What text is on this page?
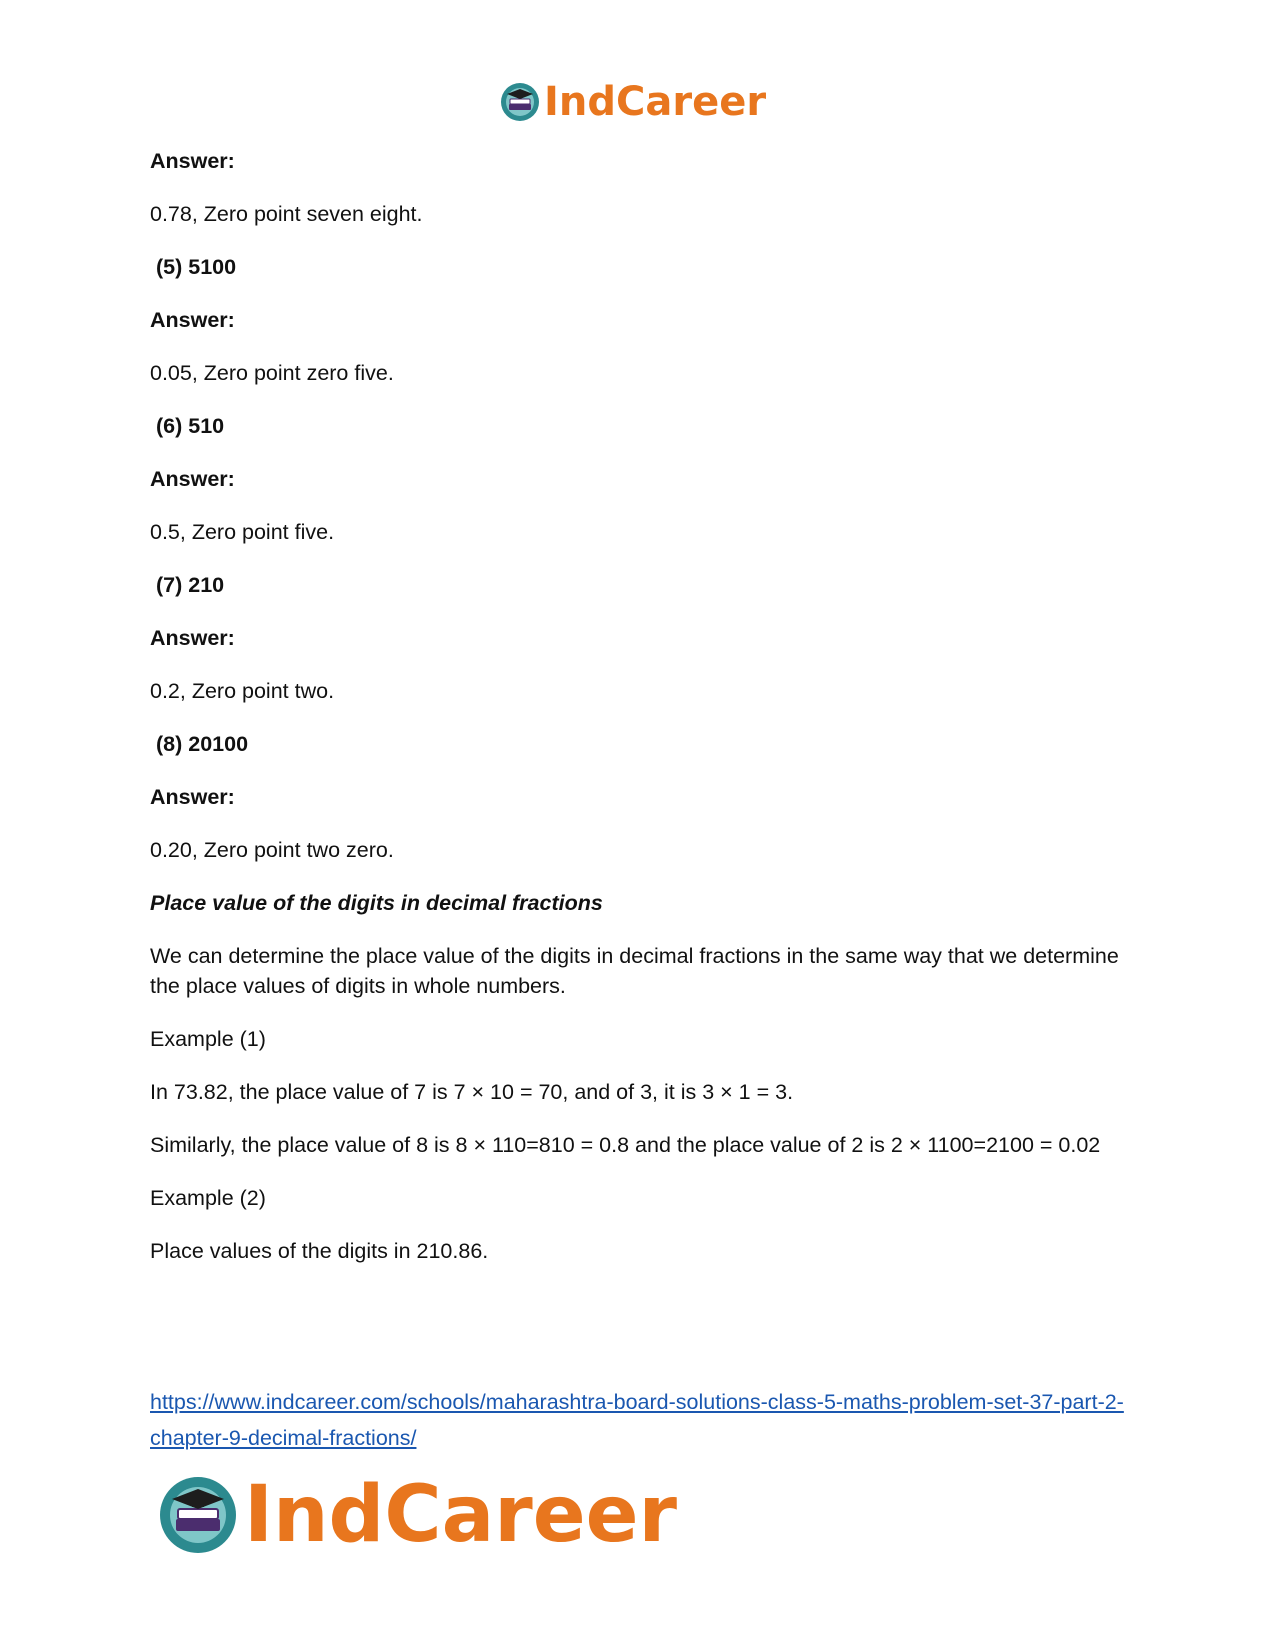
IndCareer

Answer:

0.78, Zero point seven eight.

(5) 5100

Answer:

0.05, Zero point zero five.

(6) 510

Answer:

0.5, Zero point five.

(7) 210

Answer:

0.2, Zero point two.

(8) 20100

Answer:

0.20, Zero point two zero.

Place value of the digits in decimal fractions

We can determine the place value of the digits in decimal fractions in the same way that we determine the place values of digits in whole numbers.

Example (1)

In 73.82, the place value of 7 is 7 × 10 = 70, and of 3, it is 3 × 1 = 3.

Similarly, the place value of 8 is 8 × 110=810 = 0.8 and the place value of 2 is 2 × 1100=2100 = 0.02

Example (2)

Place values of the digits in 210.86.

https://www.indcareer.com/schools/maharashtra-board-solutions-class-5-maths-problem-set-37-part-2-chapter-9-decimal-fractions/
IndCareer
